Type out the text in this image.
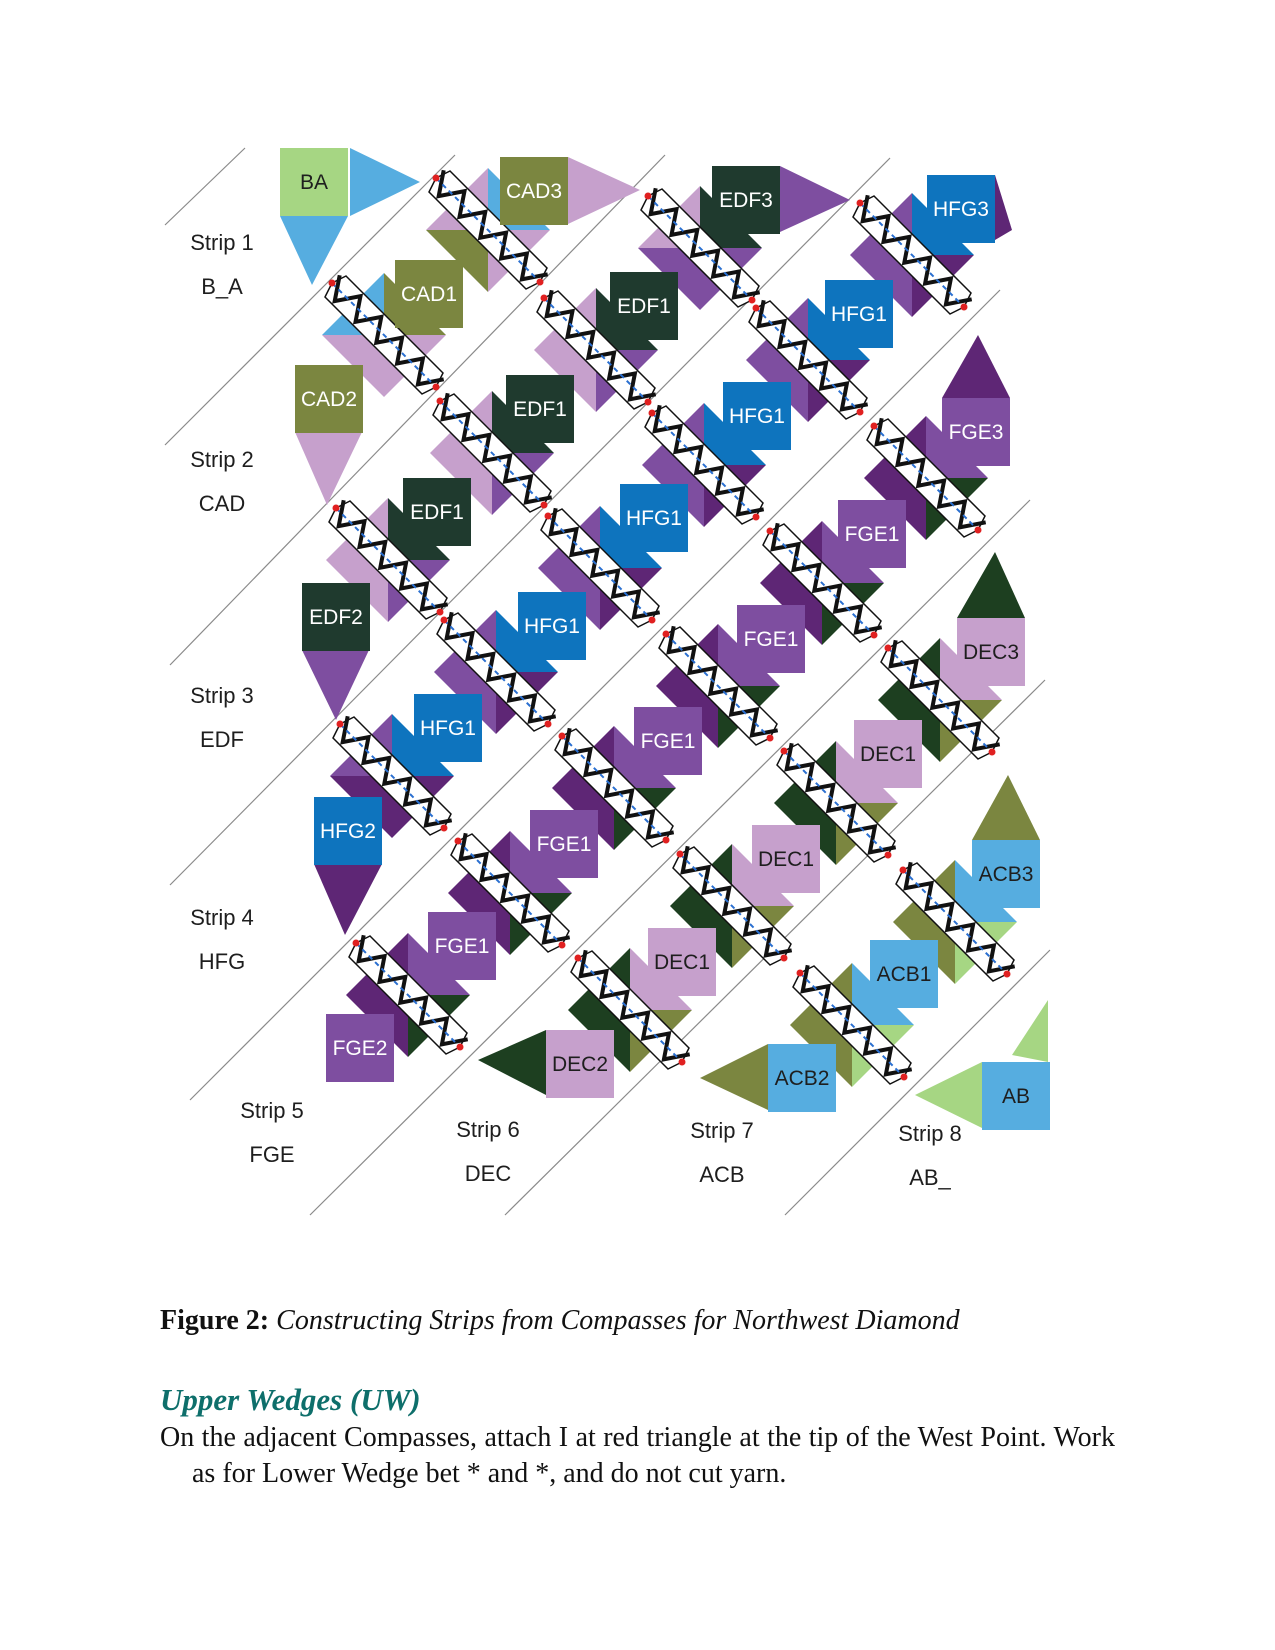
BA	CAD3
CAD1
CAD2
EDF3
EDF1
EDF1
EDF1
EDF2
HFG3
HFG1
HFG1
HFG1
HFG1
HFG1
HFG2
FGE3
FGE1
FGE1
FGE1
FGE1
FGE1
FGE2
DEC3
DEC1
DEC1
DEC1
DEC2
ACB3
ACB1
ACB2
AB
Strip 1
B_A
Strip 2
CAD
Strip 3
EDF
Strip 4
HFG
Strip 5
FGE
Strip 6
DEC
Strip 7
ACB
Strip 8
AB_
Figure 2: Constructing Strips from Compasses for Northwest Diamond
Upper Wedges (UW)
On the adjacent Compasses, attach I at red triangle at the tip of the West Point. Work as for Lower Wedge bet * and *, and do not cut yarn.
